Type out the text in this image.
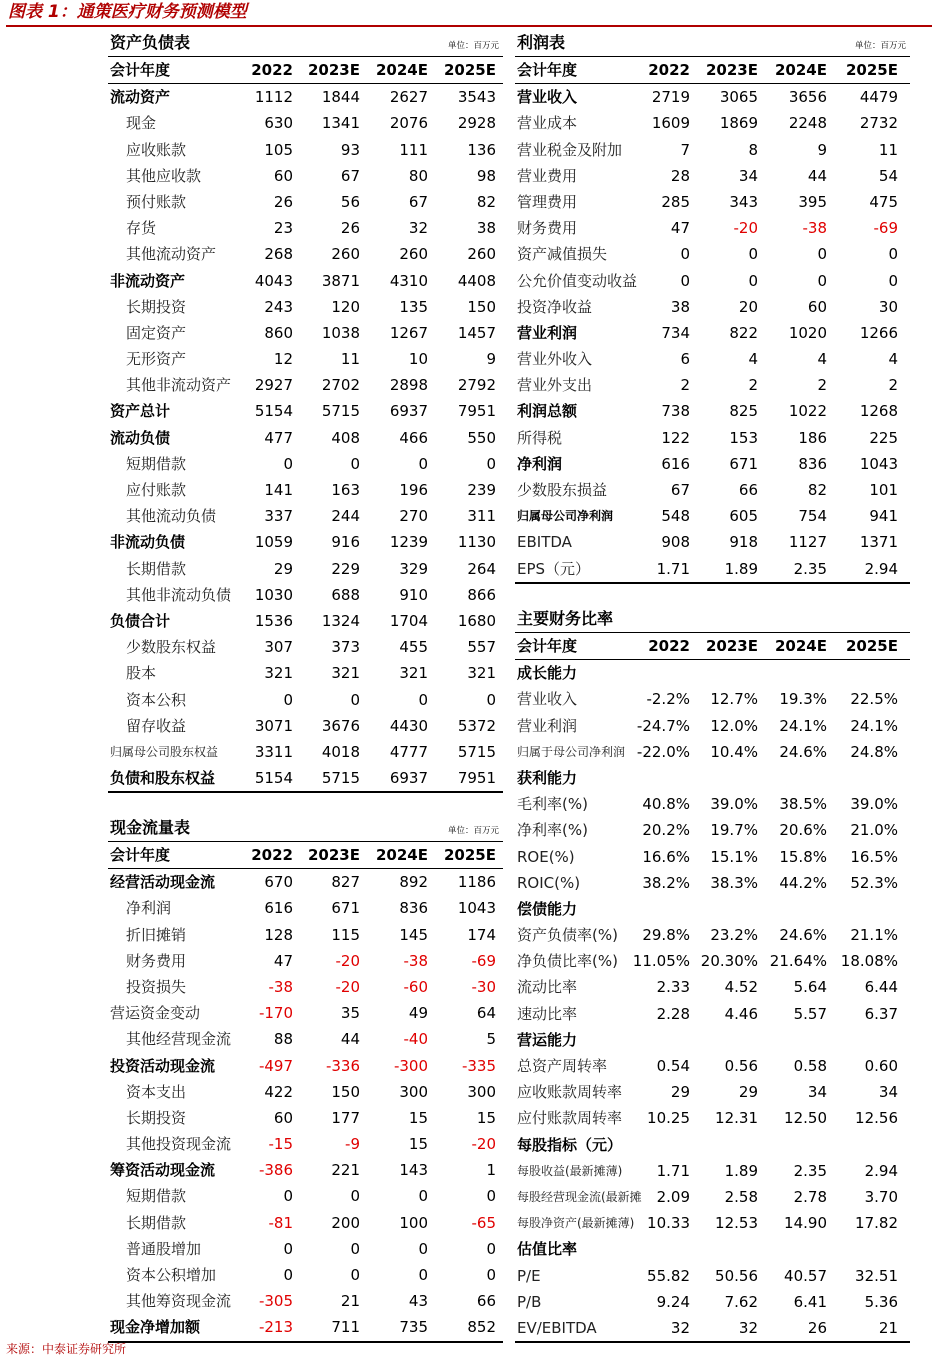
图表 1：通策医疗财务预测模型
资产负债表	单位：百万元
会计年度	2022 2023E 2024E 2025E
流动资产	1112 1844 2627 3543
现金	630 1341 2076 2928
应收账款	105	93	111	136
其他应收款	60	67	80	98
预付账款	26	56	67	82
存货	23	26	32	38
其他流动资产	268	260	260	260
非流动资产	4043 3871 4310 4408
长期投资	243	120	135	150
固定资产	860 1038 1267 1457
无形资产	12	11	10	9
其他非流动资产 2927 2702 2898 2792
资产总计	5154 5715 6937 7951
流动负债	477	408	466	550
短期借款	0	0	0	0
应付账款	141	163	196	239
其他流动负债	337	244	270	311
非流动负债	1059	916 1239 1130
长期借款	29	229	329	264
其他非流动负债 1030	688	910	866
负债合计	1536 1324 1704 1680
少数股东权益	307	373	455	557
股本	321	321	321	321
资本公积	0	0	0	0
留存收益	3071 3676 4430 5372
归属母公司股东权益 3311 4018 4777 5715
负债和股东权益	5154 5715 6937 7951
利润表	单位：百万元
会计年度	2022 2023E 2024E 2025E
营业收入	2719 3065 3656 4479
营业成本	1609 1869 2248 2732
营业税金及附加	7	8	9	11
营业费用	28	34	44	54
管理费用	285	343	395	475
财务费用	47	-20	-38	-69
资产减值损失	0	0	0	0
公允价值变动收益	0	0	0	0
投资净收益	38	20	60	30
营业利润	734	822 1020 1266
营业外收入	6	4	4	4
营业外支出	2	2	2	2
利润总额	738	825 1022 1268
所得税	122	153	186	225
净利润	616	671	836 1043
少数股东损益	67	66	82	101
归属母公司净利润	548	605	754	941
EBITDA	908	918 1127 1371
EPS（元）	1.71 1.89 2.35	2.94
现金流量表	单位：百万元
会计年度	2022 2023E 2024E 2025E
经营活动现金流	670	827	892 1186
净利润	616	671	836 1043
折旧摊销	128	115	145	174
财务费用	47	-20	-38	-69
投资损失	-38	-20	-60	-30
营运资金变动	-170	35	49	64
其他经营现金流	88	44	-40	5
投资活动现金流	-497 -336 -300 -335
资本支出	422	150	300	300
长期投资	60	177	15	15
其他投资现金流 -15	-9	15	-20
筹资活动现金流	-386	221	143	1
短期借款	0	0	0	0
长期借款	-81	200	100	-65
普通股增加	0	0	0	0
资本公积增加	0	0	0	0
其他筹资现金流 -305	21	43	66
现金净增加额	-213	711	735	852
主要财务比率
会计年度	2022 2023E 2024E 2025E
成长能力
营业收入	-2.2% 12.7% 19.3% 22.5%
营业利润	-24.7% 12.0% 24.1% 24.1%
归属于母公司净利润 -22.0% 10.4% 24.6% 24.8%
获利能力
毛利率(%)	40.8% 39.0% 38.5% 39.0%
净利率(%)	20.2% 19.7% 20.6% 21.0%
ROE(%)	16.6% 15.1% 15.8% 16.5%
ROIC(%)	38.2% 38.3% 44.2% 52.3%
偿债能力
资产负债率(%) 29.8% 23.2% 24.6% 21.1%
净负债比率(%) 11.05% 20.30% 21.64% 18.08%
流动比率	2.33 4.52 5.64	6.44
速动比率	2.28 4.46 5.57	6.37
营运能力
总资产周转率	0.54 0.56 0.58	0.60
应收账款周转率	29	29	34	34
应付账款周转率 10.25 12.31 12.50 12.56
每股指标（元）
每股收益(最新摊薄) 1.71 1.89 2.35	2.94
每股经营现金流(最新摊 2.09 2.58 2.78	3.70
每股净资产(最新摊薄) 10.33 12.53 14.90 17.82
估值比率
P/E	55.82 50.56 40.57 32.51
P/B	9.24 7.62 6.41	5.36
EV/EBITDA	32	32	26	21
来源：中泰证券研究所
